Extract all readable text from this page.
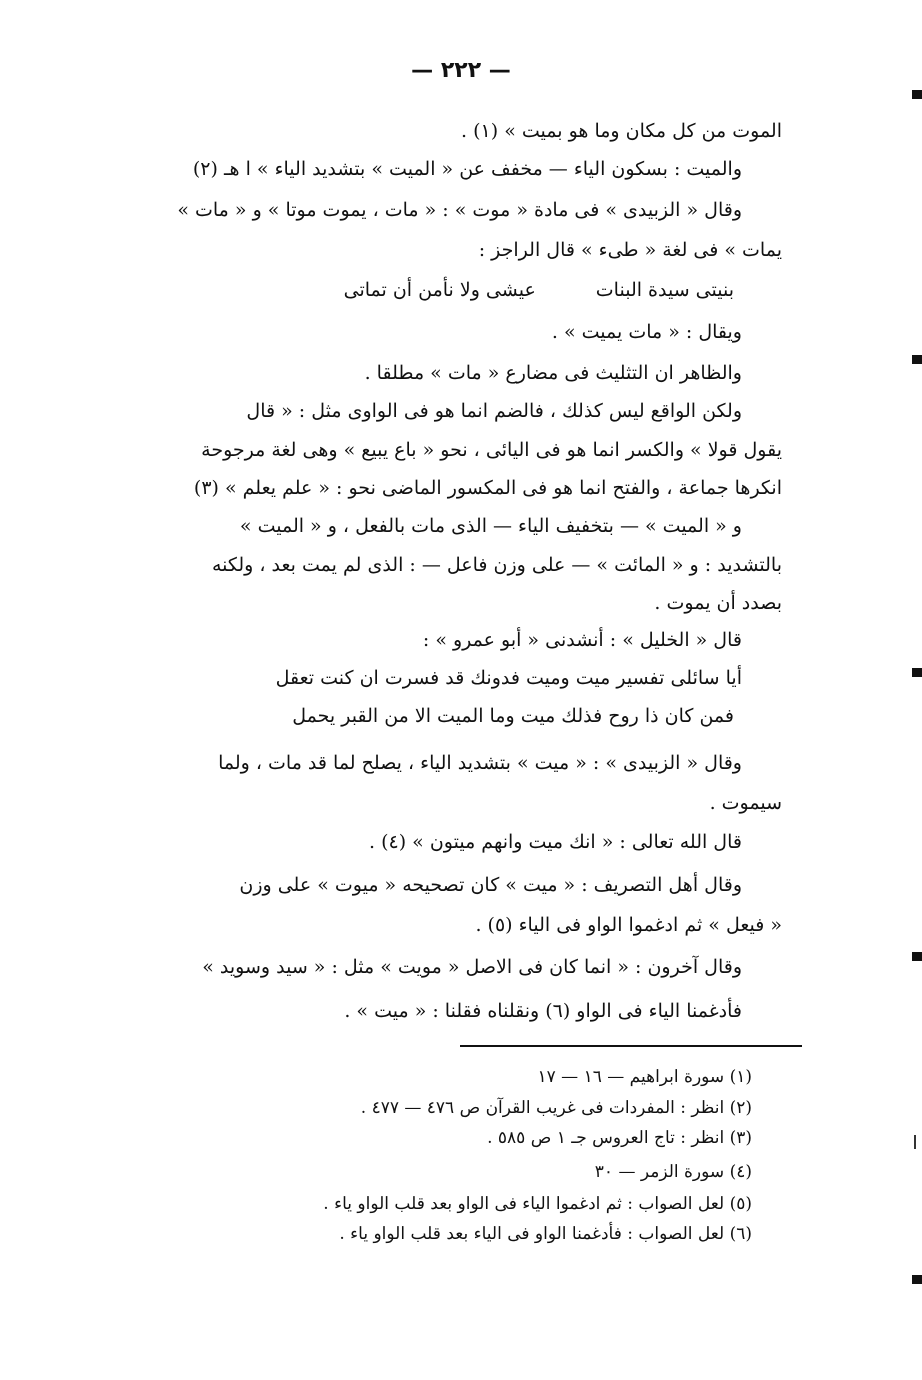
— ٢٢٢ —
الموت من كل مكان وما هو بميت » (١) .
والميت : بسكون الياء — مخفف عن « الميت » بتشديد الياء » ا هـ (٢)
وقال « الزبيدى » فى مادة « موت » : « مات ، يموت موتا » و « مات »
يمات » فى لغة « طىء » قال الراجز :
بنيتى سيدة البناتعيشى ولا نأمن أن تماتى
ويقال : « مات يميت » .
والظاهر ان التثليث فى مضارع « مات » مطلقا .
ولكن الواقع ليس كذلك ، فالضم انما هو فى الواوى مثل : « قال
يقول قولا » والكسر انما هو فى اليائى ، نحو « باع يبيع » وهى لغة مرجوحة
انكرها جماعة ، والفتح انما هو فى المكسور الماضى نحو : « علم يعلم » (٣)
و « الميت » — بتخفيف الياء — الذى مات بالفعل ، و « الميت »
بالتشديد : و « المائت » — على وزن فاعل — : الذى لم يمت بعد ، ولكنه
بصدد أن يموت .
قال « الخليل » : أنشدنى « أبو عمرو » :
أيا سائلى تفسير ميت وميت فدونك قد فسرت ان كنت تعقل
فمن كان ذا روح فذلك ميت وما الميت الا من القبر يحمل
وقال « الزبيدى » : « ميت » بتشديد الياء ، يصلح لما قد مات ، ولما
سيموت .
قال الله تعالى : « انك ميت وانهم ميتون » (٤) .
وقال أهل التصريف : « ميت » كان تصحيحه « ميوت » على وزن
« فيعل » ثم ادغموا الواو فى الياء (٥) .
وقال آخرون : « انما كان فى الاصل « مويت » مثل : « سيد وسويد »
فأدغمنا الياء فى الواو (٦) ونقلناه فقلنا : « ميت » .
(١) سورة ابراهيم — ١٦ — ١٧
(٢) انظر : المفردات فى غريب القرآن ص ٤٧٦ — ٤٧٧ .
(٣) انظر : تاج العروس جـ ١ ص ٥٨٥ .
(٤) سورة الزمر — ٣٠
(٥) لعل الصواب : ثم ادغموا الياء فى الواو بعد قلب الواو ياء .
(٦) لعل الصواب : فأدغمنا الواو فى الياء بعد قلب الواو ياء .
